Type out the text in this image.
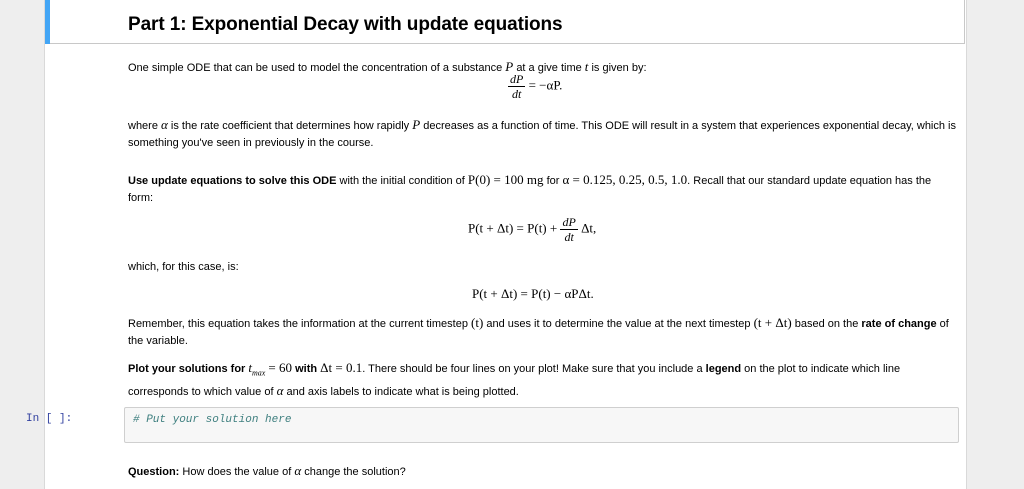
Part 1: Exponential Decay with update equations

One simple ODE that can be used to model the concentration of a substance P at a give time t is given by:

$\frac{dP}{dt} = -\alpha P$.

where α is the rate coefficient that determines how rapidly P decreases as a function of time. This ODE will result in a system that experiences exponential decay, which is something you've seen in previously in the course.

Use update equations to solve this ODE with the initial condition of P(0) = 100 mg for α = 0.125, 0.25, 0.5, 1.0. Recall that our standard update equation has the form:

$P(t + \Delta t) = P(t) + \frac{dP}{dt} \Delta t$,

which, for this case, is:

P(t + Δt) = P(t) − αPΔt.

Remember, this equation takes the information at the current timestep (t) and uses it to determine the value at the next timestep (t + Δt) based on the rate of change of the variable.

Plot your solutions for $t_{max} = 60$ with Δt = 0.1. There should be four lines on your plot! Make sure that you include a legend on the plot to indicate which line corresponds to which value of α and axis labels to indicate what is being plotted.

# Put your solution here

Question: How does the value of α change the solution?

In [ ]:
